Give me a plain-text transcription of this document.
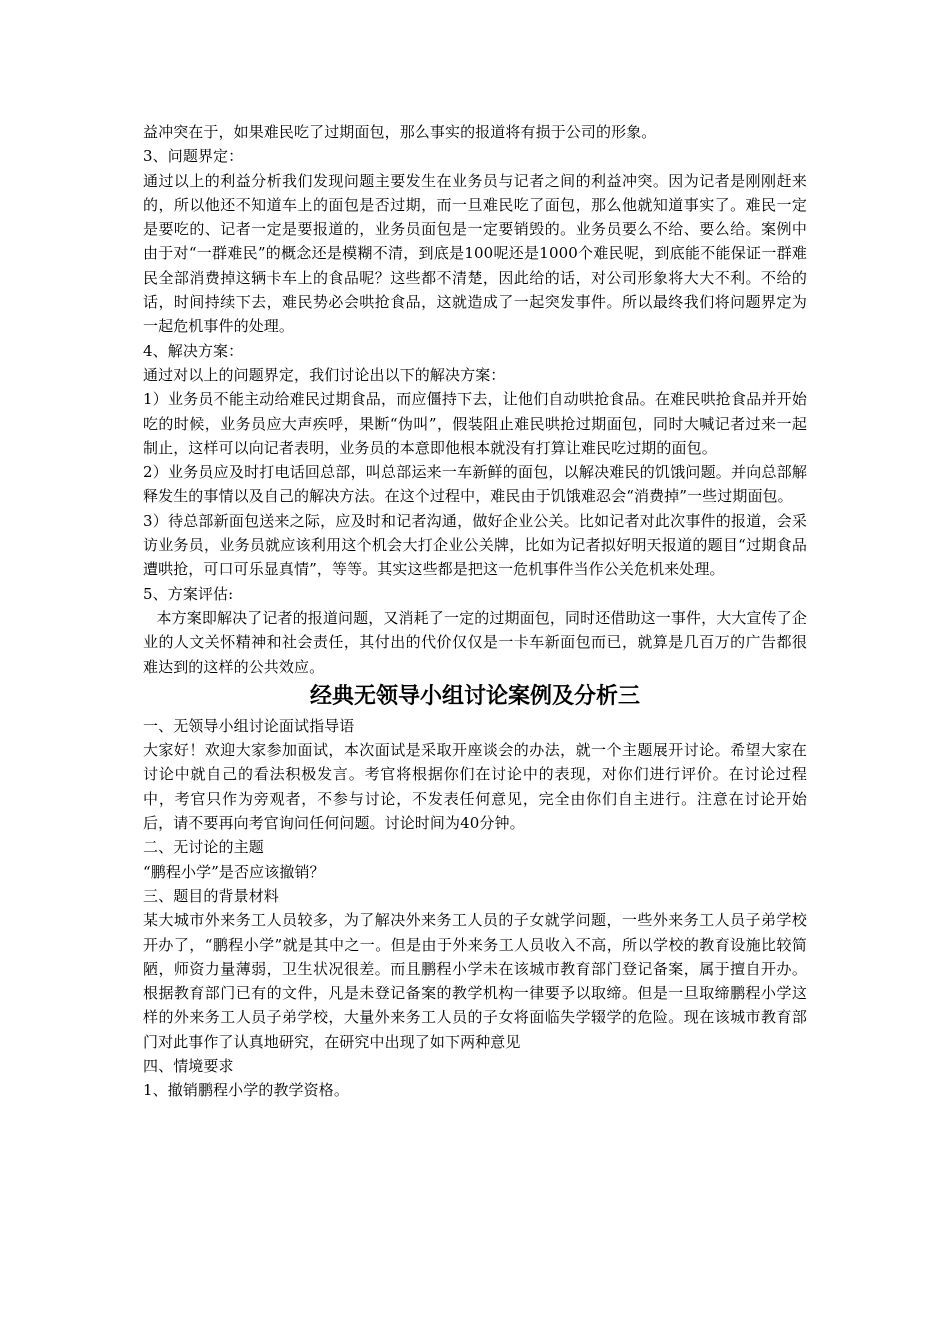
益冲突在于，如果难民吃了过期面包，那么事实的报道将有损于公司的形象。

3、问题界定：

通过以上的利益分析我们发现问题主要发生在业务员与记者之间的利益冲突。因为记者是刚刚赶来的，所以他还不知道车上的面包是否过期，而一旦难民吃了面包，那么他就知道事实了。难民一定是要吃的、记者一定是要报道的，业务员面包是一定要销毁的。业务员要么不给、要么给。案例中由于对“一群难民”的概念还是模糊不清，到底是100呢还是1000个难民呢，到底能不能保证一群难民全部消费掉这辆卡车上的食品呢？这些都不清楚，因此给的话，对公司形象将大大不利。不给的话，时间持续下去，难民势必会哄抢食品，这就造成了一起突发事件。所以最终我们将问题界定为一起危机事件的处理。

4、解决方案：

通过对以上的问题界定，我们讨论出以下的解决方案：

1）业务员不能主动给难民过期食品，而应僵持下去，让他们自动哄抢食品。在难民哄抢食品并开始吃的时候，业务员应大声疾呼，果断“伪叫”，假装阻止难民哄抢过期面包，同时大喊记者过来一起制止，这样可以向记者表明，业务员的本意即他根本就没有打算让难民吃过期的面包。

2）业务员应及时打电话回总部，叫总部运来一车新鲜的面包，以解决难民的饥饿问题。并向总部解释发生的事情以及自己的解决方法。在这个过程中，难民由于饥饿难忍会“消费掉”一些过期面包。

3）待总部新面包送来之际，应及时和记者沟通，做好企业公关。比如记者对此次事件的报道，会采访业务员，业务员就应该利用这个机会大打企业公关牌，比如为记者拟好明天报道的题目“过期食品遭哄抢，可口可乐显真情”，等等。其实这些都是把这一危机事件当作公关危机来处理。

5、方案评估:

本方案即解决了记者的报道问题，又消耗了一定的过期面包，同时还借助这一事件，大大宣传了企业的人文关怀精神和社会责任，其付出的代价仅仅是一卡车新面包而已，就算是几百万的广告都很难达到的这样的公共效应。

经典无领导小组讨论案例及分析三

一、无领导小组讨论面试指导语

大家好！欢迎大家参加面试，本次面试是采取开座谈会的办法，就一个主题展开讨论。希望大家在讨论中就自己的看法积极发言。考官将根据你们在讨论中的表现，对你们进行评价。在讨论过程中，考官只作为旁观者，不参与讨论，不发表任何意见，完全由你们自主进行。注意在讨论开始后，请不要再向考官询问任何问题。讨论时间为40分钟。

二、无讨论的主题

“鹏程小学”是否应该撤销？

三、题目的背景材料

某大城市外来务工人员较多，为了解决外来务工人员的子女就学问题，一些外来务工人员子弟学校开办了，“鹏程小学”就是其中之一。但是由于外来务工人员收入不高，所以学校的教育设施比较简陋，师资力量薄弱，卫生状况很差。而且鹏程小学未在该城市教育部门登记备案，属于擅自开办。根据教育部门已有的文件，凡是未登记备案的教学机构一律要予以取缔。但是一旦取缔鹏程小学这样的外来务工人员子弟学校，大量外来务工人员的子女将面临失学辍学的危险。现在该城市教育部门对此事作了认真地研究，在研究中出现了如下两种意见

四、情境要求

1、撤销鹏程小学的教学资格。
